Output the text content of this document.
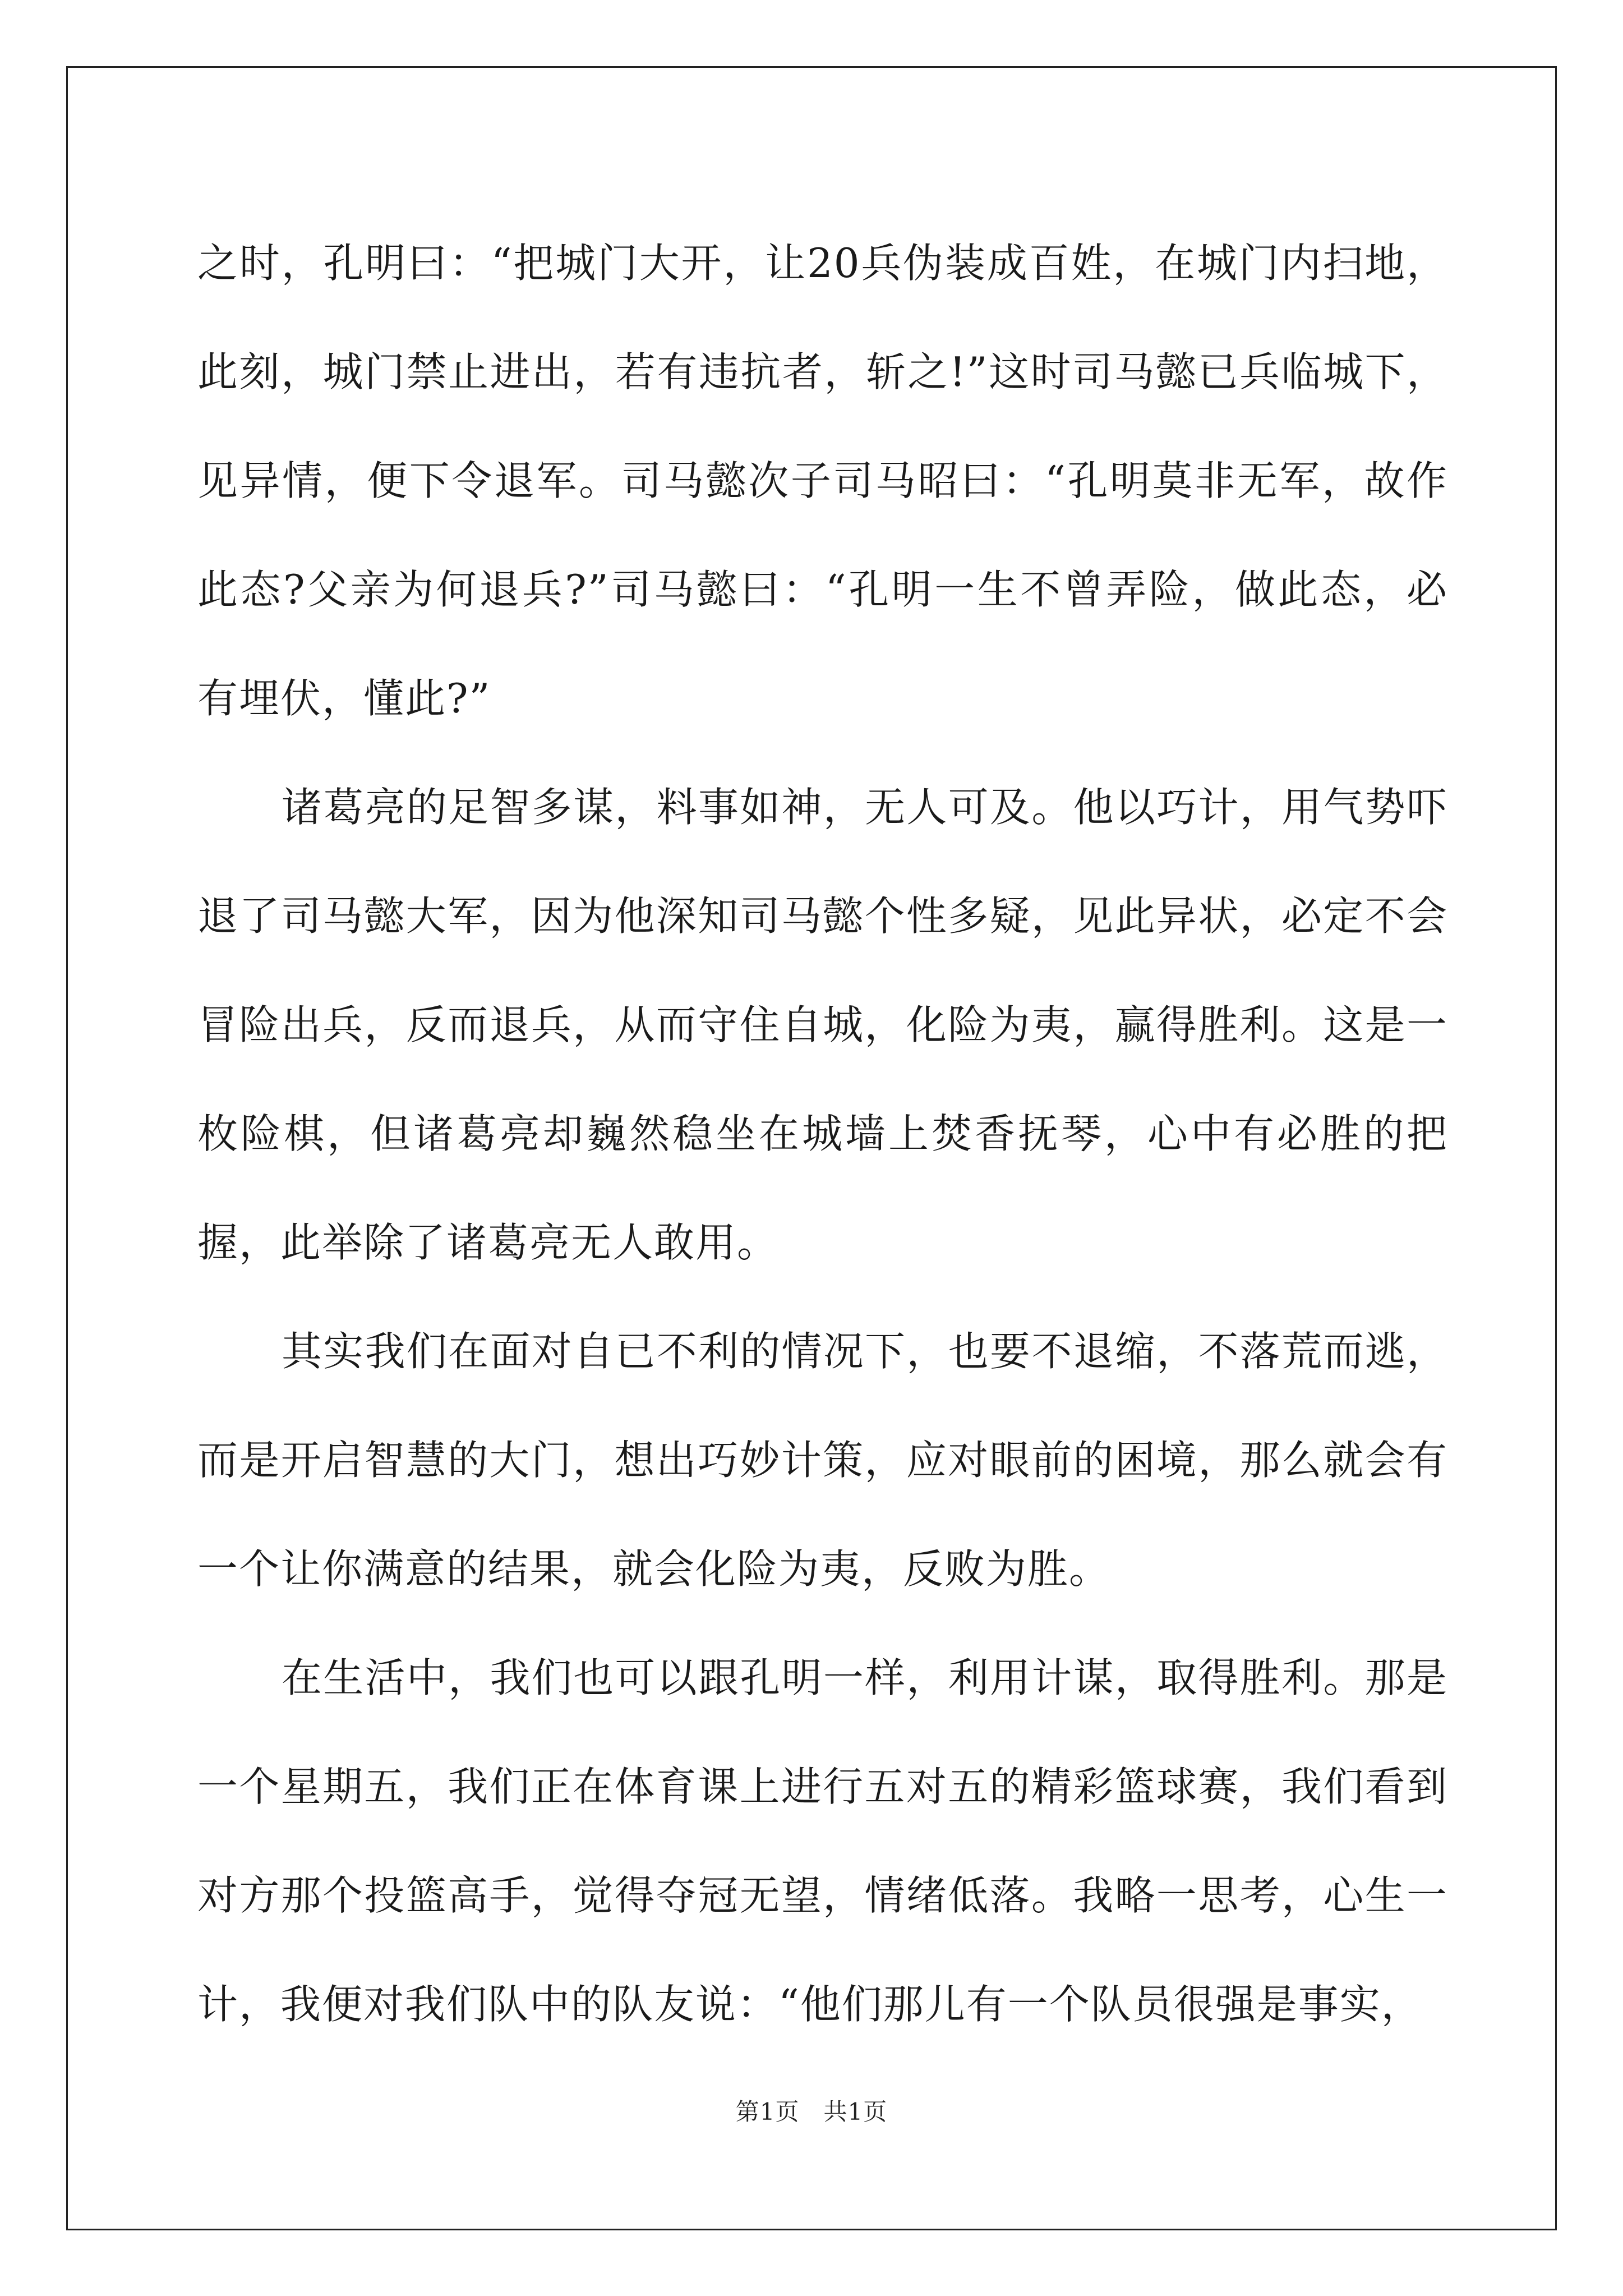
之时，孔明曰：“把城门大开，让20兵伪装成百姓，在城门内扫地，此刻，城门禁止进出，若有违抗者，斩之!”这时司马懿已兵临城下，见异情，便下令退军。司马懿次子司马昭曰：“孔明莫非无军，故作此态?父亲为何退兵?”司马懿曰：“孔明一生不曾弄险，做此态，必有埋伏，懂此?”

诸葛亮的足智多谋，料事如神，无人可及。他以巧计，用气势吓退了司马懿大军，因为他深知司马懿个性多疑，见此异状，必定不会冒险出兵，反而退兵，从而守住自城，化险为夷，赢得胜利。这是一枚险棋，但诸葛亮却巍然稳坐在城墙上焚香抚琴，心中有必胜的把握，此举除了诸葛亮无人敢用。

其实我们在面对自已不利的情况下，也要不退缩，不落荒而逃，而是开启智慧的大门，想出巧妙计策，应对眼前的困境，那么就会有一个让你满意的结果，就会化险为夷，反败为胜。

在生活中，我们也可以跟孔明一样，利用计谋，取得胜利。那是一个星期五，我们正在体育课上进行五对五的精彩篮球赛，我们看到对方那个投篮高手，觉得夺冠无望，情绪低落。我略一思考，心生一计，我便对我们队中的队友说：“他们那儿有一个队员很强是事实，

第1页　共1页
